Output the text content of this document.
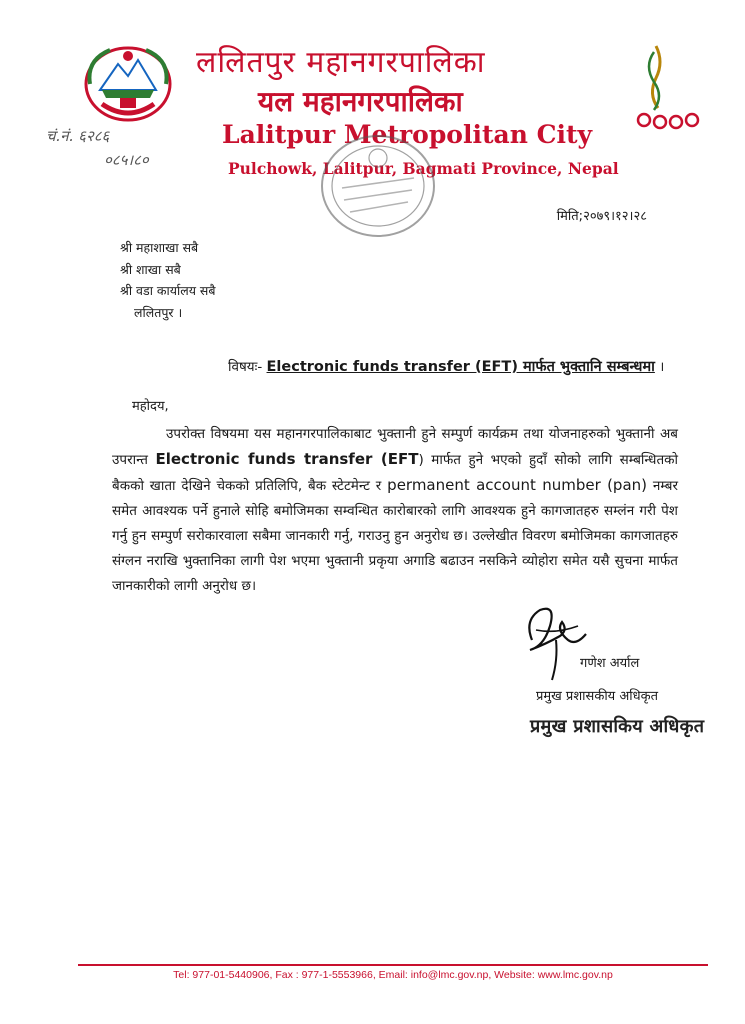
ललितपुर महानगरपालिका
यल महानगरपालिका
Lalitpur Metropolitan City
Pulchowk, Lalitpur, Bagmati Province, Nepal
चं.नं. ६२८६
०८५।८०
मिति;२०७९।१२।२८
श्री महाशाखा सबै
श्री शाखा सबै
श्री वडा कार्यालय सबै
ललितपुर ।
विषयः- Electronic funds transfer (EFT) मार्फत भुक्तानि सम्बन्धमा ।
महोदय,

उपरोक्त विषयमा यस महानगरपालिकाबाट भुक्तानी हुने सम्पुर्ण कार्यक्रम तथा योजनाहरुको भुक्तानी अब उपरान्त Electronic funds transfer (EFT) मार्फत हुने भएको हुदाँ सोको लागि सम्बन्धितको बैकको खाता देखिने चेकको प्रतिलिपि, बैक स्टेटमेन्ट र permanent account number (pan) नम्बर समेत आवश्यक पर्ने हुनाले सोहि बमोजिमका सम्वन्धित कारोबारको लागि आवश्यक हुने कागजातहरु सम्लंन गरी पेश गर्नु हुन सम्पुर्ण सरोकारवाला सबैमा जानकारी गर्नु, गराउनु हुन अनुरोध छ। उल्लेखीत विवरण बमोजिमका कागजातहरु संग्लन नराखि भुक्तानिका लागी पेश भएमा भुक्तानी प्रकृया अगाडि बढाउन नसकिने व्योहोरा समेत यसै सुचना मार्फत जानकारीको लागी अनुरोध छ।

गणेश अर्याल
प्रमुख प्रशासकीय अधिकृत
प्रमुख प्रशासकिय अधिकृत
Tel: 977-01-5440906, Fax : 977-1-5553966, Email: info@lmc.gov.np, Website: www.lmc.gov.np
